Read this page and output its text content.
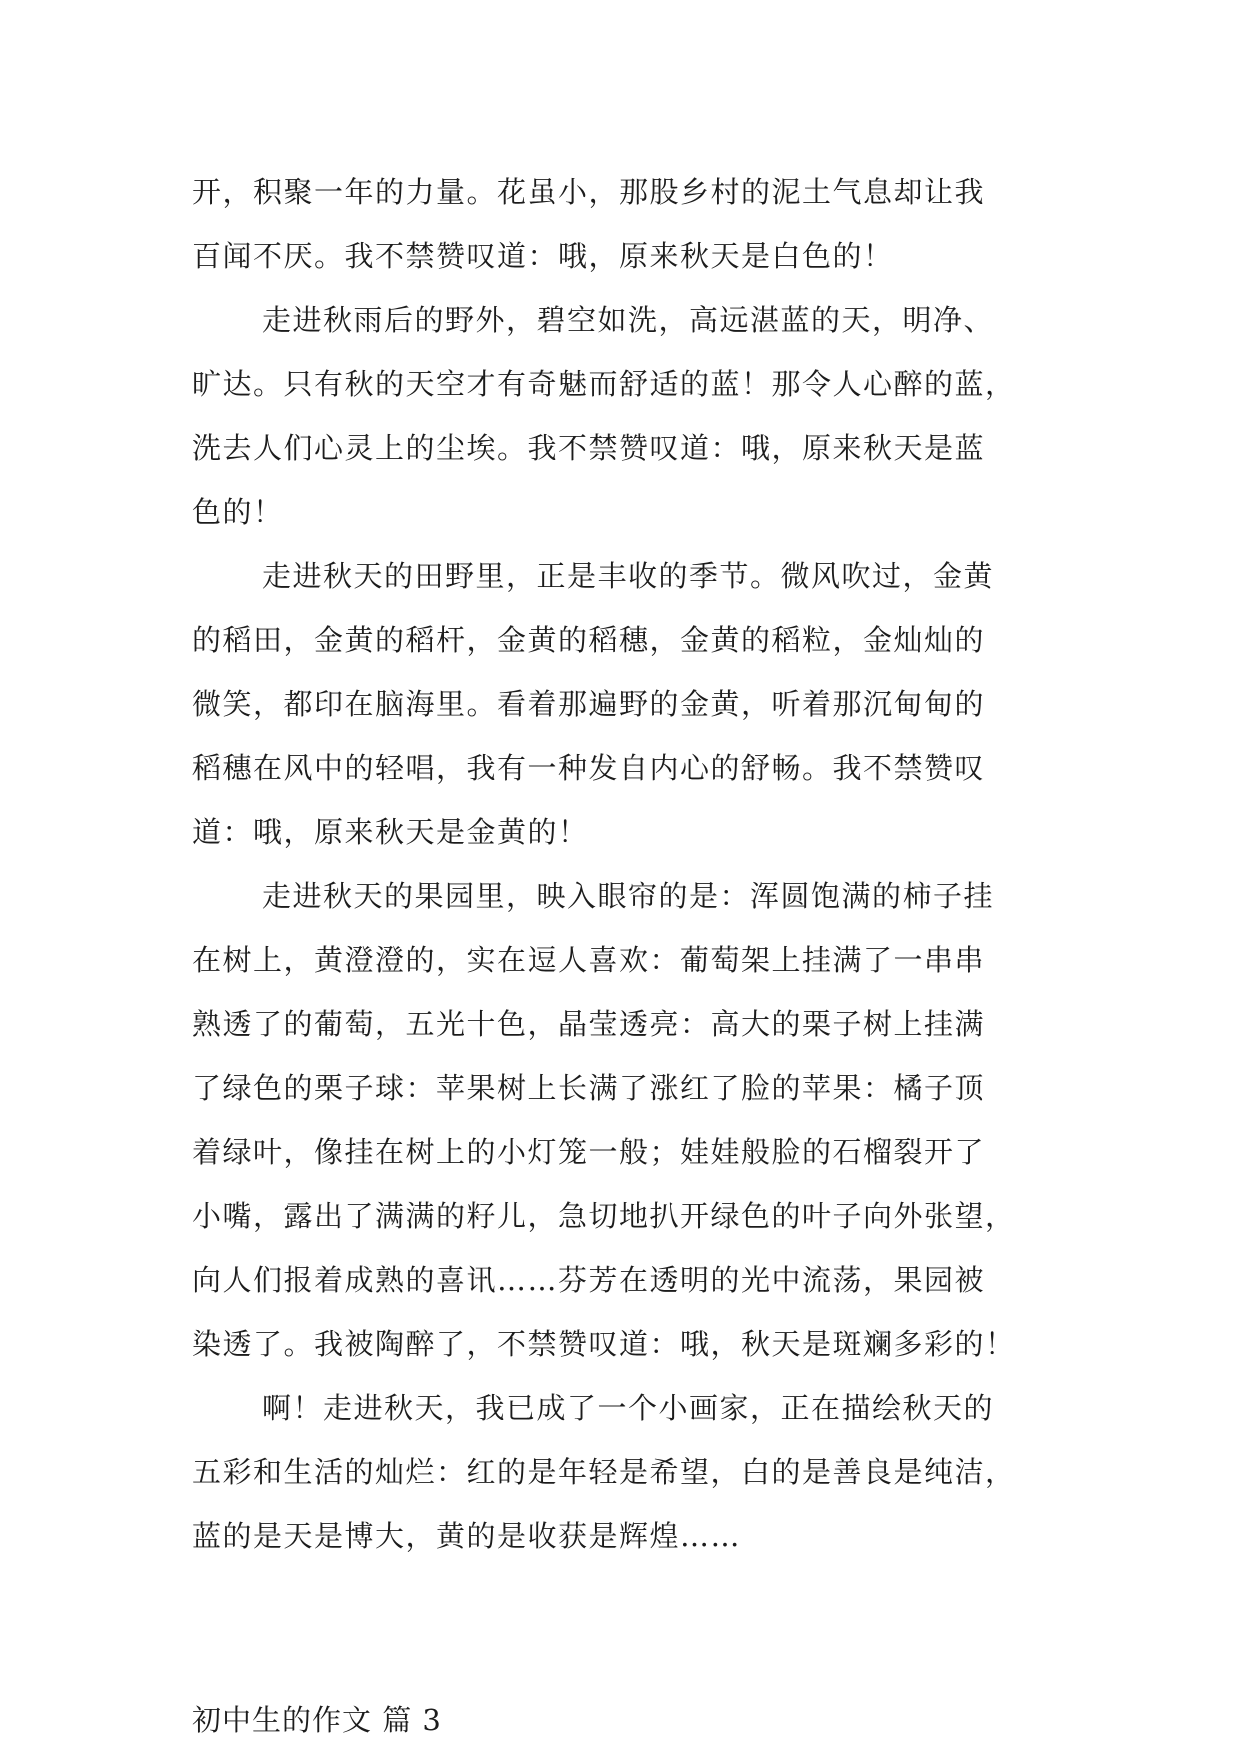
开，积聚一年的力量。花虽小，那股乡村的泥土气息却让我
百闻不厌。我不禁赞叹道：哦，原来秋天是白色的！
走进秋雨后的野外，碧空如洗，高远湛蓝的天，明净、
旷达。只有秋的天空才有奇魅而舒适的蓝！那令人心醉的蓝，
洗去人们心灵上的尘埃。我不禁赞叹道：哦，原来秋天是蓝
色的！
走进秋天的田野里，正是丰收的季节。微风吹过，金黄
的稻田，金黄的稻杆，金黄的稻穗，金黄的稻粒，金灿灿的
微笑，都印在脑海里。看着那遍野的金黄，听着那沉甸甸的
稻穗在风中的轻唱，我有一种发自内心的舒畅。我不禁赞叹
道：哦，原来秋天是金黄的！
走进秋天的果园里，映入眼帘的是：浑圆饱满的柿子挂
在树上，黄澄澄的，实在逗人喜欢：葡萄架上挂满了一串串
熟透了的葡萄，五光十色，晶莹透亮：高大的栗子树上挂满
了绿色的栗子球：苹果树上长满了涨红了脸的苹果：橘子顶
着绿叶，像挂在树上的小灯笼一般；娃娃般脸的石榴裂开了
小嘴，露出了满满的籽儿，急切地扒开绿色的叶子向外张望，
向人们报着成熟的喜讯……芬芳在透明的光中流荡，果园被
染透了。我被陶醉了，不禁赞叹道：哦，秋天是斑斓多彩的！
啊！走进秋天，我已成了一个小画家，正在描绘秋天的
五彩和生活的灿烂：红的是年轻是希望，白的是善良是纯洁，
蓝的是天是博大，黄的是收获是辉煌……
初中生的作文 篇 3
